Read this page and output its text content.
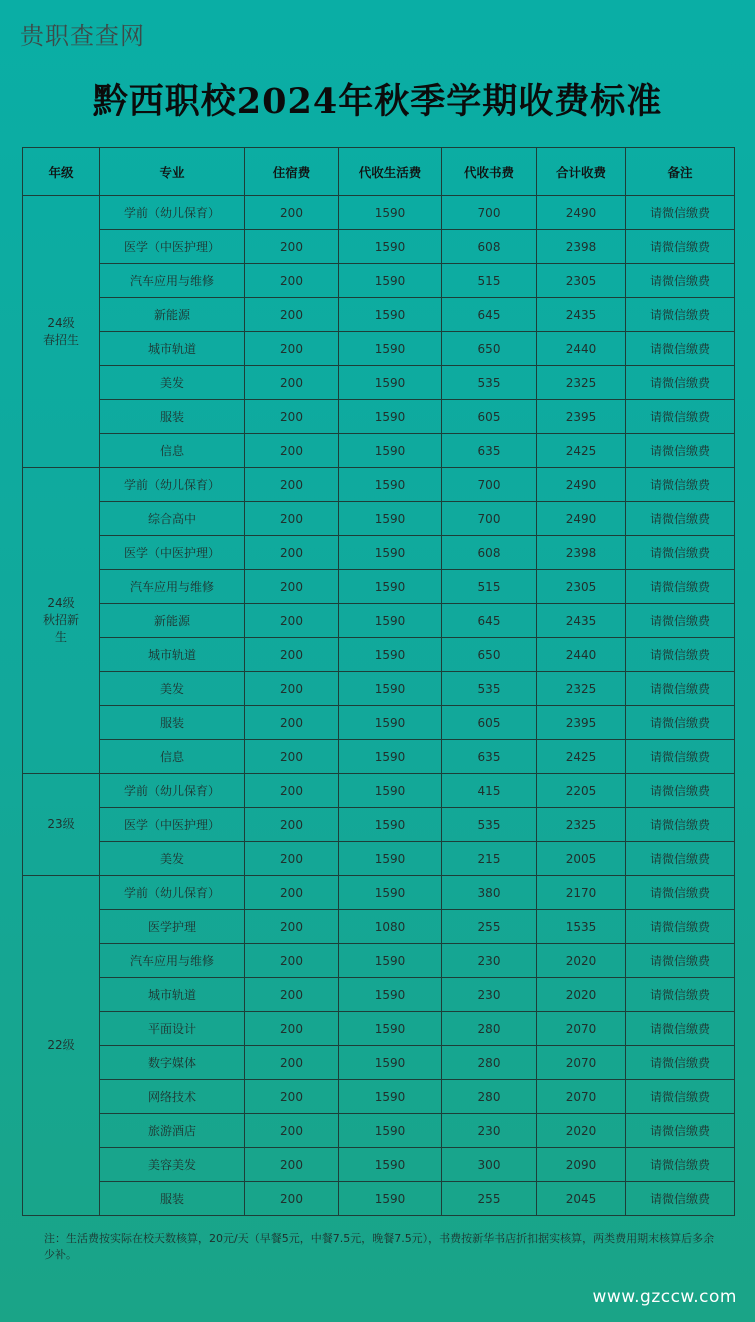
贵职查查网
黔西职校2024年秋季学期收费标准
年级	专业	住宿费	代收生活费	代收书费	合计收费	备注

24级
春招生	学前（幼儿保育）	200	1590	700	2490	请微信缴费
	医学（中医护理）	200	1590	608	2398	请微信缴费
	汽车应用与维修	200	1590	515	2305	请微信缴费
	新能源	200	1590	645	2435	请微信缴费
	城市轨道	200	1590	650	2440	请微信缴费
	美发	200	1590	535	2325	请微信缴费
	服装	200	1590	605	2395	请微信缴费
	信息	200	1590	635	2425	请微信缴费

24级
秋招新
生	学前（幼儿保育）	200	1590	700	2490	请微信缴费
	综合高中	200	1590	700	2490	请微信缴费
	医学（中医护理）	200	1590	608	2398	请微信缴费
	汽车应用与维修	200	1590	515	2305	请微信缴费
	新能源	200	1590	645	2435	请微信缴费
	城市轨道	200	1590	650	2440	请微信缴费
	美发	200	1590	535	2325	请微信缴费
	服装	200	1590	605	2395	请微信缴费
	信息	200	1590	635	2425	请微信缴费

23级	学前（幼儿保育）	200	1590	415	2205	请微信缴费
	医学（中医护理）	200	1590	535	2325	请微信缴费
	美发	200	1590	215	2005	请微信缴费

22级	学前（幼儿保育）	200	1590	380	2170	请微信缴费
	医学护理	200	1080	255	1535	请微信缴费
	汽车应用与维修	200	1590	230	2020	请微信缴费
	城市轨道	200	1590	230	2020	请微信缴费
	平面设计	200	1590	280	2070	请微信缴费
	数字媒体	200	1590	280	2070	请微信缴费
	网络技术	200	1590	280	2070	请微信缴费
	旅游酒店	200	1590	230	2020	请微信缴费
	美容美发	200	1590	300	2090	请微信缴费
	服装	200	1590	255	2045	请微信缴费
注：生活费按实际在校天数核算，20元/天（早餐5元，中餐7.5元，晚餐7.5元），书费按新华书店折扣据实核算，两类费用期末核算后多余少补。
www.gzccw.com
